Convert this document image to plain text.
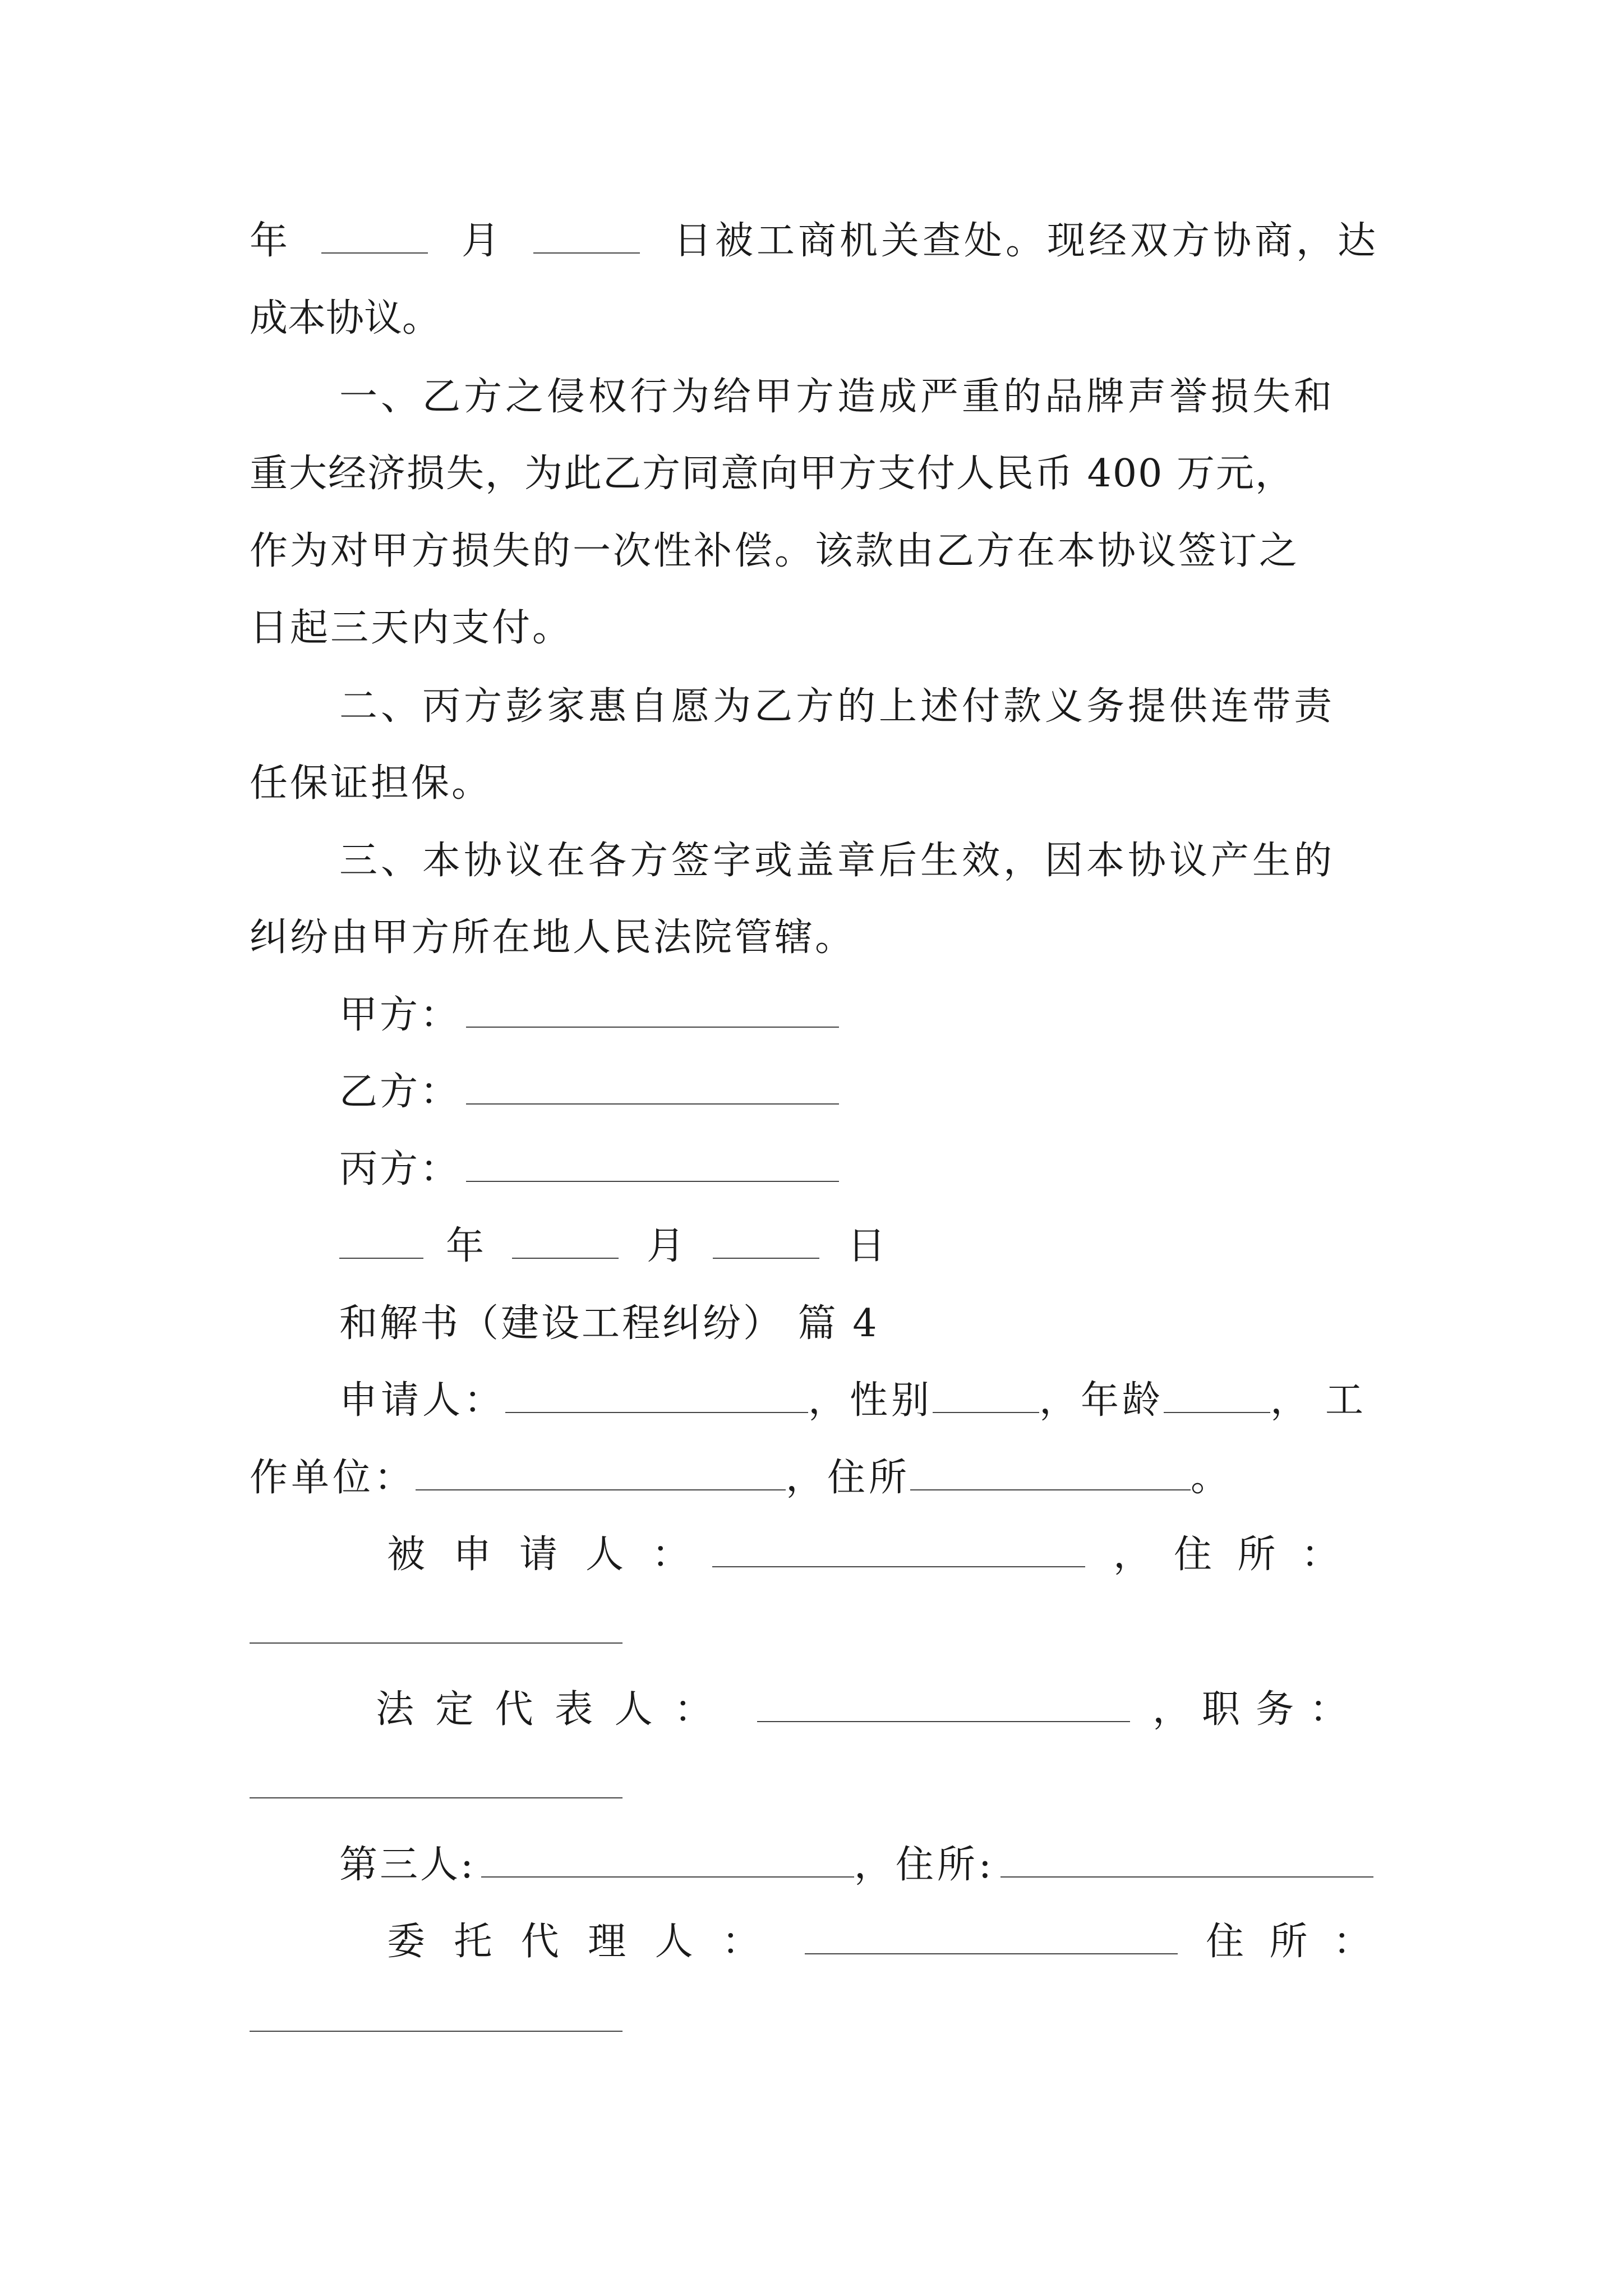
年	月	日被工商机关查处。现经双方协商，达
成本协议。
一、乙方之侵权行为给甲方造成严重的品牌声誉损失和
重大经济损失，为此乙方同意向甲方支付人民币 400 万元，
作为对甲方损失的一次性补偿。该款由乙方在本协议签订之
日起三天内支付。
二、丙方彭家惠自愿为乙方的上述付款义务提供连带责
任保证担保。
三、本协议在各方签字或盖章后生效，因本协议产生的
纠纷由甲方所在地人民法院管辖。
甲方：
乙方：
丙方：
年	月	日
和解书（建设工程纠纷） 篇 4
申请人：	，性别	，年龄	，工
作单位：	，住所	。
被 申 请 人 ：	， 住 所 ：
法 定 代 表 人 ：	， 职 务 ：
第三人:	，住所:
委 托 代 理 人 ：	住 所 ：
